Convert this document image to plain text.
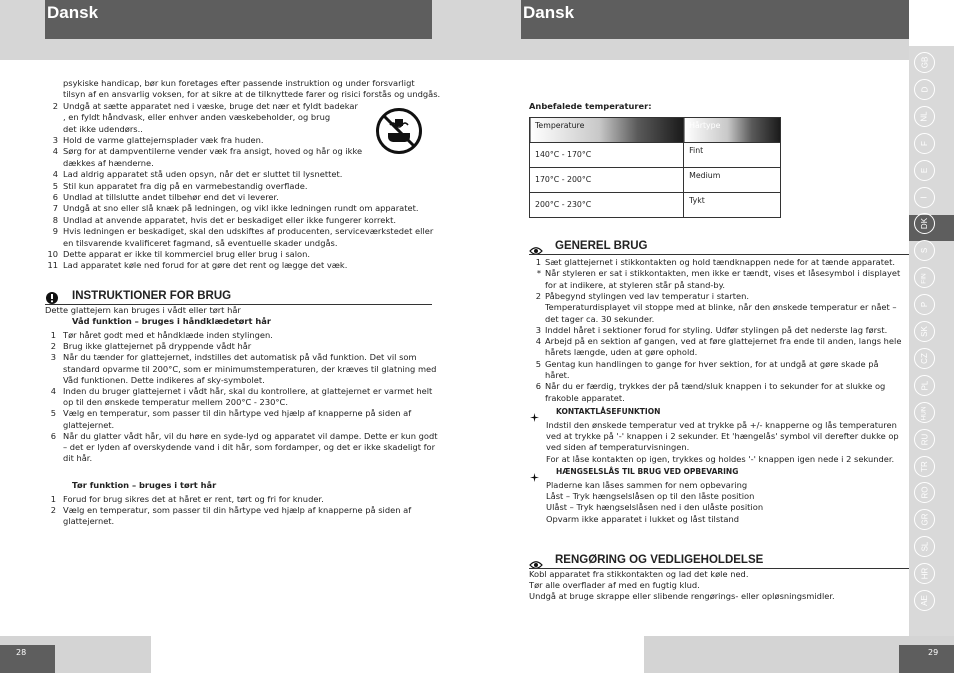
Dansk	Dansk
GB
D
NL
F
E
I
DK
S
FIN
P
SK
CZ
PL
HUN
RU
TR
RO
GR
SL
HR
AE
28	29
psykiske handicap, bør kun foretages efter passende instruktion og under forsvarligt
tilsyn af en ansvarlig voksen, for at sikre at de tilknyttede farer og risici forstås og undgås.
2 Undgå at sætte apparatet ned i væske, bruge det nær et fyldt badekar
, en fyldt håndvask, eller enhver anden væskebeholder, og brug
det ikke udendørs..
3 Hold de varme glattejernsplader væk fra huden.
4 Sørg for at dampventilerne vender væk fra ansigt, hoved og hår og ikke
dækkes af hænderne.
4 Lad aldrig apparatet stå uden opsyn, når det er sluttet til lysnettet.
5 Stil kun apparatet fra dig på en varmebestandig overflade.
6 Undlad at tillslutte andet tilbehør end det vi leverer.
7 Undgå at sno eller slå knæk på ledningen, og vikl ikke ledningen rundt om apparatet.
8 Undlad at anvende apparatet, hvis det er beskadiget eller ikke fungerer korrekt.
9 Hvis ledningen er beskadiget, skal den udskiftes af producenten, serviceværkstedet eller
en tilsvarende kvalificeret fagmand, så eventuelle skader undgås.
10 Dette apparat er ikke til kommerciel brug eller brug i salon.
11 Lad apparatet køle ned forud for at gøre det rent og lægge det væk.
INSTRUKTIONER FOR BRUG
Dette glattejern kan bruges i vådt eller tørt hår
Våd funktion – bruges i håndklædetørt hår
1 Tør håret godt med et håndklæde inden stylingen.
2 Brug ikke glattejernet på dryppende vådt hår
3 Når du tænder for glattejernet, indstilles det automatisk på våd funktion. Det vil som
standard opvarme til 200°C, som er minimumstemperaturen, der kræves til glatning med
Våd funktionen. Dette indikeres af sky-symbolet.
4 Inden du bruger glattejernet i vådt hår, skal du kontrollere, at glattejernet er varmet helt
op til den ønskede temperatur mellem 200°C - 230°C.
5 Vælg en temperatur, som passer til din hårtype ved hjælp af knapperne på siden af
glattejernet.
6 Når du glatter vådt hår, vil du høre en syde-lyd og apparatet vil dampe. Dette er kun godt
– det er lyden af overskydende vand i dit hår, som fordamper, og det er ikke skadeligt for
dit hår.
Tør funktion – bruges i tørt hår
1 Forud for brug sikres det at håret er rent, tørt og fri for knuder.
2 Vælg en temperatur, som passer til din hårtype ved hjælp af knapperne på siden af
glattejernet.
Anbefalede temperaturer:
Temperature	Hårtype
140°C - 170°C	Fint
170°C - 200°C	Medium
200°C - 230°C	Tykt
GENEREL BRUG
1 Sæt glattejernet i stikkontakten og hold tændknappen nede for at tænde apparatet.
* Når styleren er sat i stikkontakten, men ikke er tændt, vises et låsesymbol i displayet
for at indikere, at styleren står på stand-by.
2 Påbegynd stylingen ved lav temperatur i starten.
Temperaturdisplayet vil stoppe med at blinke, når den ønskede temperatur er nået –
det tager ca. 30 sekunder.
3 Inddel håret i sektioner forud for styling. Udfør stylingen på det nederste lag først.
4 Arbejd på en sektion af gangen, ved at føre glattejernet fra ende til anden, langs hele
hårets længde, uden at gøre ophold.
5 Gentag kun handlingen to gange for hver sektion, for at undgå at gøre skade på
håret.
6 Når du er færdig, trykkes der på tænd/sluk knappen i to sekunder for at slukke og
frakoble apparatet.
KONTAKTLÅSEFUNKTION
Indstil den ønskede temperatur ved at trykke på +/- knapperne og lås temperaturen
ved at trykke på '-' knappen i 2 sekunder. Et 'hængelås' symbol vil derefter dukke op
ved siden af temperaturvisningen.
For at låse kontakten op igen, trykkes og holdes '-' knappen igen nede i 2 sekunder.
HÆNGSELSLÅS TIL BRUG VED OPBEVARING
Pladerne kan låses sammen for nem opbevaring
Låst – Tryk hængselslåsen op til den låste position
Ulåst – Tryk hængselslåsen ned i den ulåste position
Opvarm ikke apparatet i lukket og låst tilstand
RENGØRING OG VEDLIGEHOLDELSE
Kobl apparatet fra stikkontakten og lad det køle ned.
Tør alle overflader af med en fugtig klud.
Undgå at bruge skrappe eller slibende rengørings- eller opløsningsmidler.
